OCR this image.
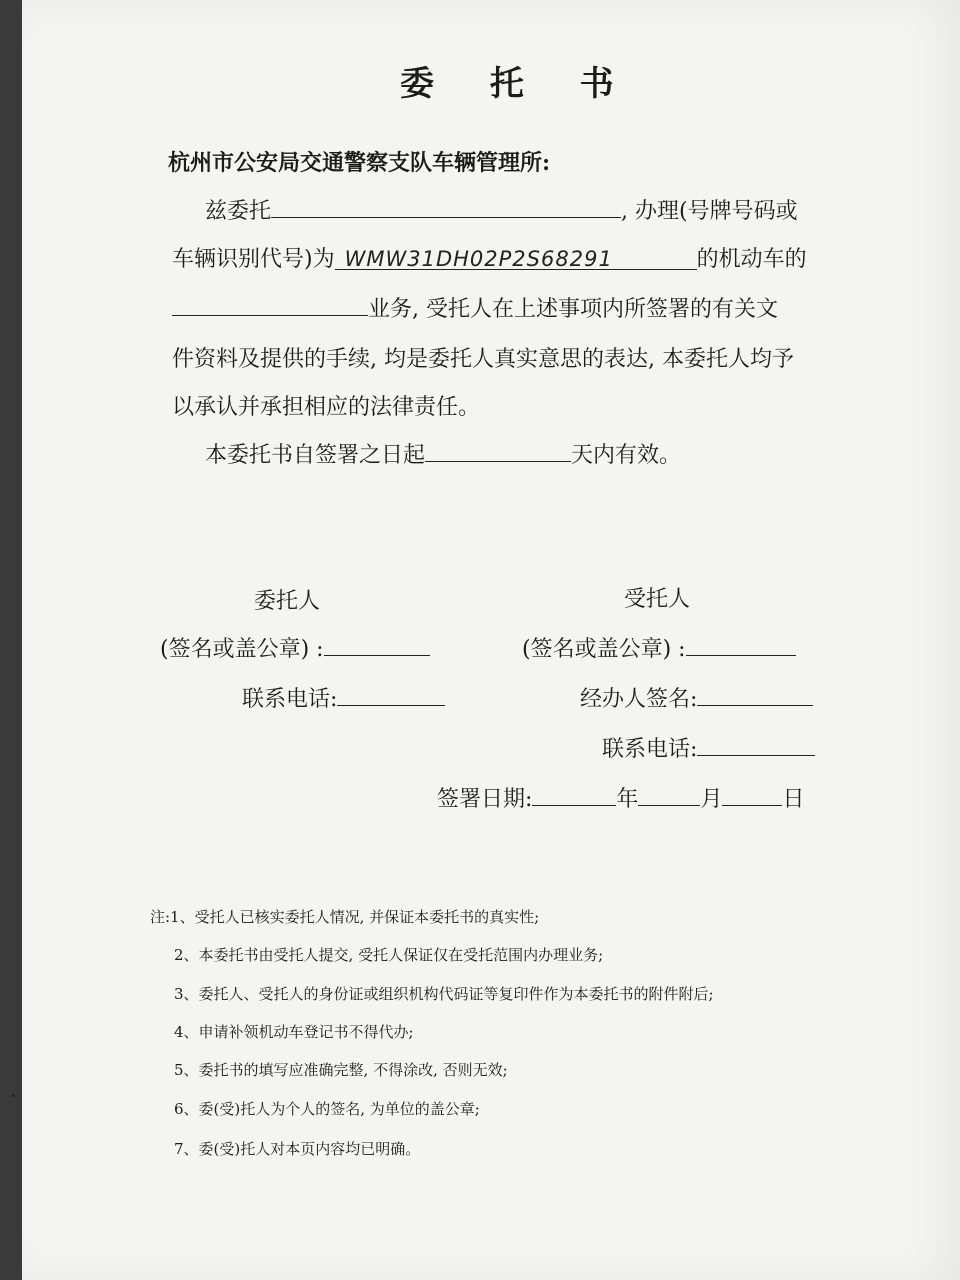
委 托 书
杭州市公安局交通警察支队车辆管理所:
兹委托	, 办理(号牌号码或
车辆识别代号)为 WMW31DH02P2S68291	的机动车的
业务, 受托人在上述事项内所签署的有关文
件资料及提供的手续, 均是委托人真实意思的表达, 本委托人均予
以承认并承担相应的法律责任。
本委托书自签署之日起	天内有效。
委托人	受托人
(签名或盖公章) :	(签名或盖公章) :
联系电话:	经办人签名:
联系电话:
签署日期:	年	月	日
注:1、受托人已核实委托人情况, 并保证本委托书的真实性;
2、本委托书由受托人提交, 受托人保证仅在受托范围内办理业务;
3、委托人、受托人的身份证或组织机构代码证等复印件作为本委托书的附件附后;
4、申请补领机动车登记书不得代办;
5、委托书的填写应准确完整, 不得涂改, 否则无效;
6、委(受)托人为个人的签名, 为单位的盖公章;
7、委(受)托人对本页内容均已明确。
